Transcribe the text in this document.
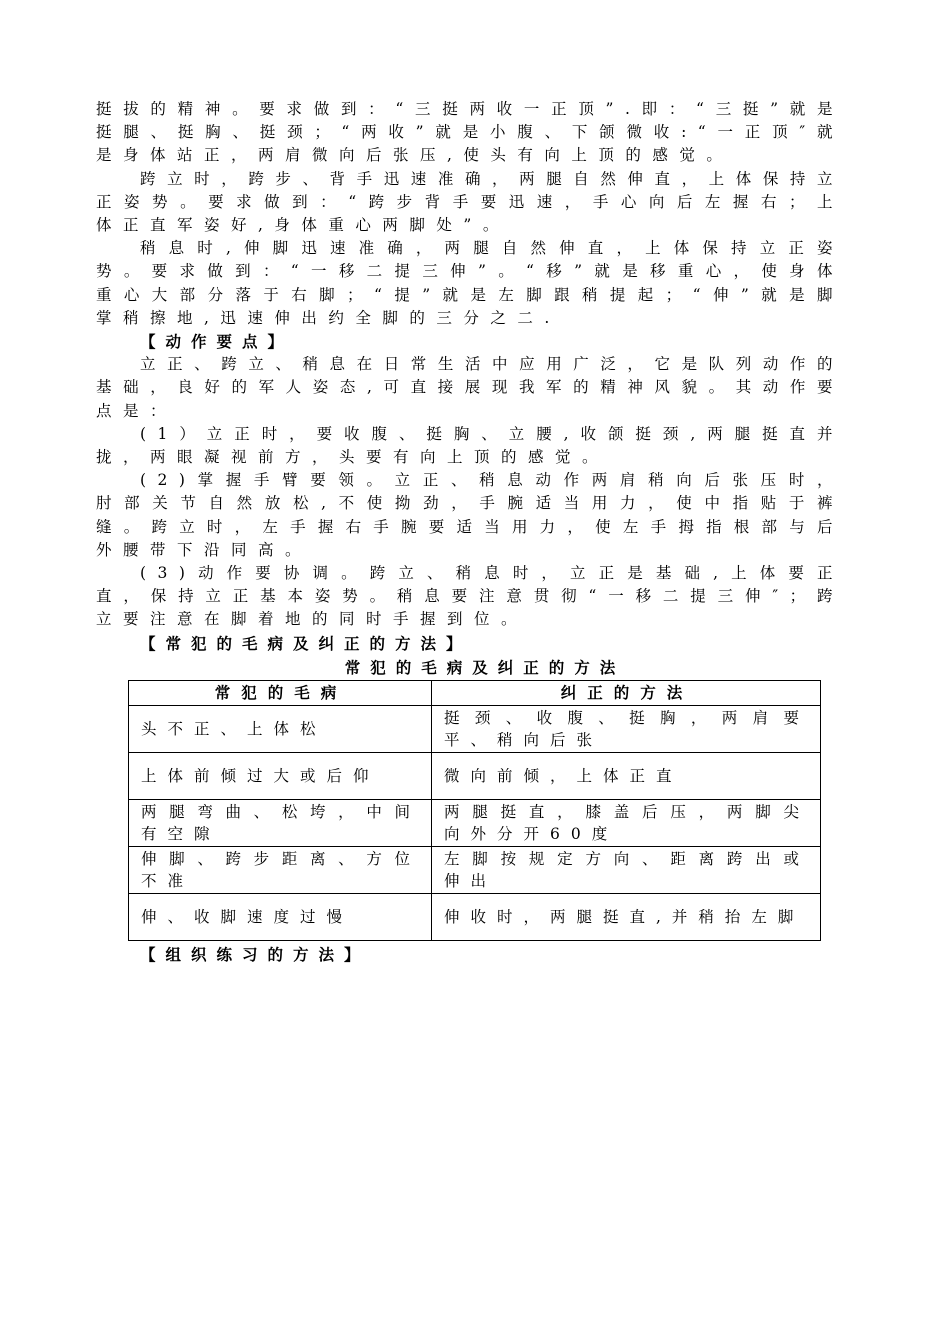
挺拔的精神。要求做到：“三挺两收一正顶”.即：“三挺”就是挺腿、挺胸、挺颈；“两收”就是小腹、下颌微收:“一正顶″就是身体站正，两肩微向后张压,使头有向上顶的感觉。

跨立时，跨步、背手迅速准确，两腿自然伸直，上体保持立正姿势。要求做到：“跨步背手要迅速，手心向后左握右；上体正直军姿好,身体重心两脚处”。

稍息时,伸脚迅速准确，两腿自然伸直，上体保持立正姿势。要求做到：“一移二提三伸”。“移”就是移重心，使身体重心大部分落于右脚；“提”就是左脚跟稍提起；“伸”就是脚掌稍擦地,迅速伸出约全脚的三分之二.

【动作要点】

立正、跨立、稍息在日常生活中应用广泛，它是队列动作的基础，良好的军人姿态,可直接展现我军的精神风貌。其动作要点是：

(1）立正时，要收腹、挺胸、立腰,收颌挺颈,两腿挺直并拢，两眼凝视前方，头要有向上顶的感觉。

(2)掌握手臂要领。立正、稍息动作两肩稍向后张压时，肘部关节自然放松,不使拗劲，手腕适当用力，使中指贴于裤缝。跨立时，左手握右手腕要适当用力，使左手拇指根部与后外腰带下沿同高。

(3)动作要协调。跨立、稍息时，立正是基础,上体要正直，保持立正基本姿势。稍息要注意贯彻“一移二提三伸″；跨立要注意在脚着地的同时手握到位。

【常犯的毛病及纠正的方法】

常犯的毛病及纠正的方法
常犯的毛病	纠正的方法
头不正、上体松	挺颈、收腹、挺胸，两肩要平、稍向后张
上体前倾过大或后仰	微向前倾，上体正直
两腿弯曲、松垮，中间有空隙	两腿挺直，膝盖后压，两脚尖向外分开60度
伸脚、跨步距离、方位不准	左脚按规定方向、距离跨出或伸出
伸、收脚速度过慢	伸收时，两腿挺直,并稍抬左脚

【组织练习的方法】
